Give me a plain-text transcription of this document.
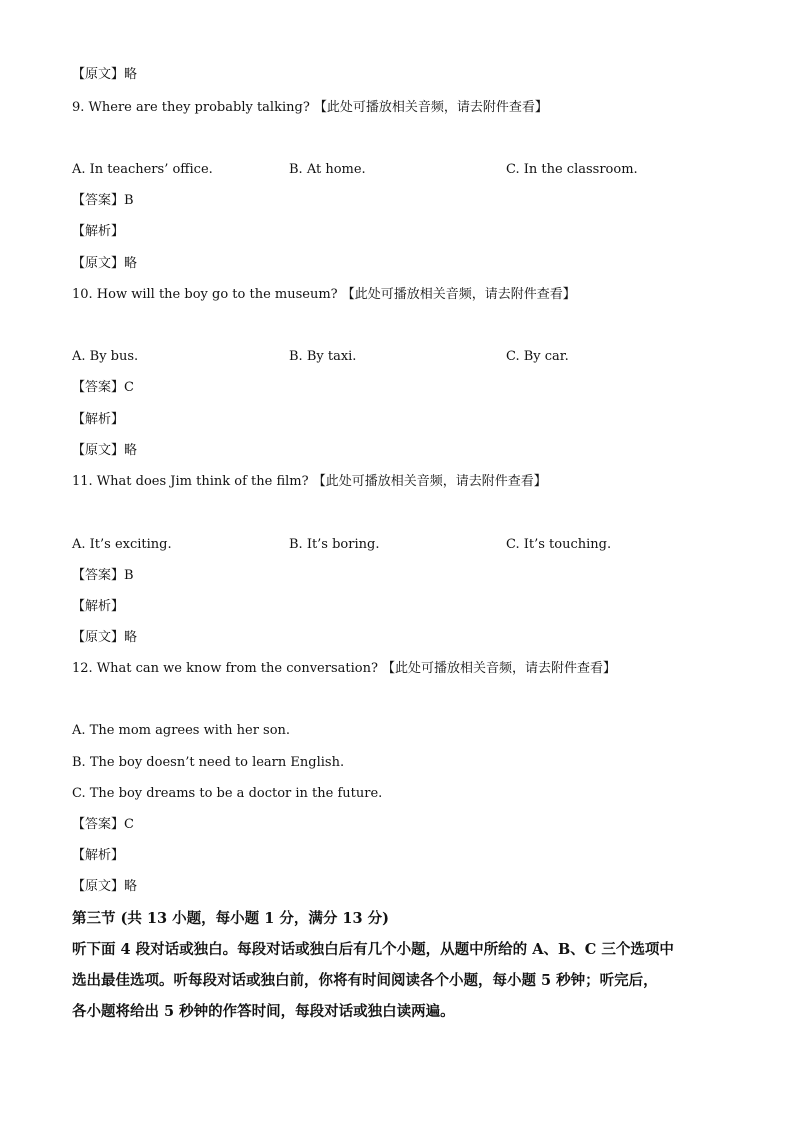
【原文】略
9. Where are they probably talking? 【此处可播放相关音频，请去附件查看】
A. In teachers’ office.	B. At home.	C. In the classroom.
【答案】B
【解析】
【原文】略
10. How will the boy go to the museum? 【此处可播放相关音频，请去附件查看】
A. By bus.	B. By taxi.	C. By car.
【答案】C
【解析】
【原文】略
11. What does Jim think of the film? 【此处可播放相关音频，请去附件查看】
A. It’s exciting.	B. It’s boring.	C. It’s touching.
【答案】B
【解析】
【原文】略
12. What can we know from the conversation? 【此处可播放相关音频，请去附件查看】
A. The mom agrees with her son.
B. The boy doesn’t need to learn English.
C. The boy dreams to be a doctor in the future.
【答案】C
【解析】
【原文】略
第三节 (共 13 小题，每小题 1 分，满分 13 分)
听下面 4 段对话或独白。每段对话或独白后有几个小题，从题中所给的 A、B、C 三个选项中
选出最佳选项。听每段对话或独白前，你将有时间阅读各个小题，每小题 5 秒钟；听完后，
各小题将给出 5 秒钟的作答时间，每段对话或独白读两遍。
